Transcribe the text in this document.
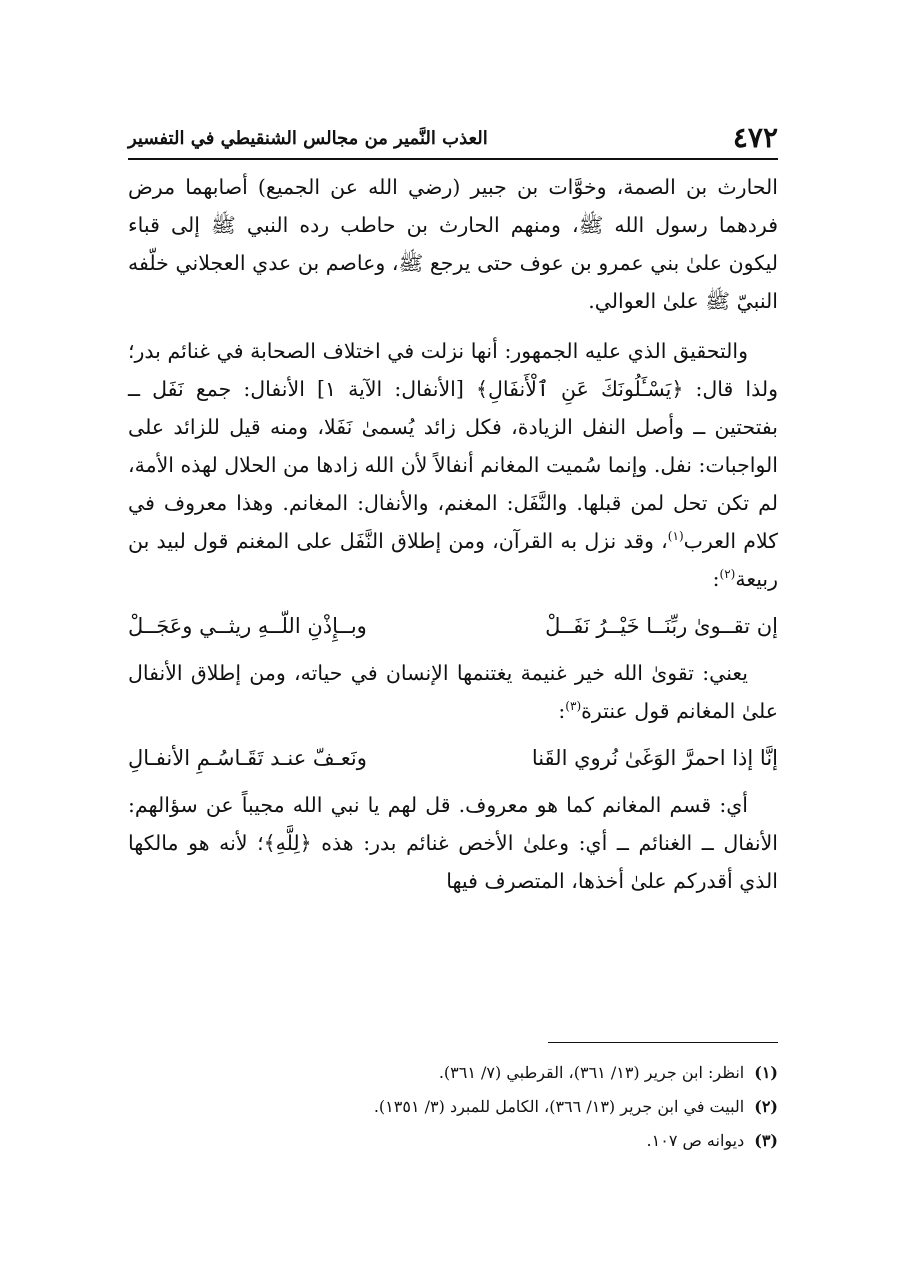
٤٧٢
العذب النَّمير من مجالس الشنقيطي في التفسير

الحارث بن الصمة، وخوَّات بن جبير (رضي الله عن الجميع) أصابهما مرض فردهما رسول الله ﷺ، ومنهم الحارث بن حاطب رده النبي ﷺ إلى قباء ليكون علىٰ بني عمرو بن عوف حتى يرجع ﷺ، وعاصم بن عدي العجلاني خلّفه النبيّ ﷺ علىٰ العوالي.

والتحقيق الذي عليه الجمهور: أنها نزلت في اختلاف الصحابة في غنائم بدر؛ ولذا قال: ﴿يَسْـَٔلُونَكَ عَنِ ٱلْأَنفَالِ﴾ [الأنفال: الآية ١] الأنفال: جمع نَفَل ــ بفتحتين ــ وأصل النفل الزيادة، فكل زائد يُسمىٰ نَفَلا، ومنه قيل للزائد على الواجبات: نفل. وإنما سُميت المغانم أنفالاً لأن الله زادها من الحلال لهذه الأمة، لم تكن تحل لمن قبلها. والنَّفَل: المغنم، والأنفال: المغانم. وهذا معروف في كلام العرب$^{(١)}$، وقد نزل به القرآن، ومن إطلاق النَّفَل على المغنم قول لبيد بن ربيعة$^{(٢)}$:

إن تقــوىٰ ربِّنَــا خَيْــرُ نَفَــلْ
وبــإِذْنِ اللّــهِ ريثــي وعَجَــلْ

يعني: تقوىٰ الله خير غنيمة يغتنمها الإنسان في حياته، ومن إطلاق الأنفال علىٰ المغانم قول عنترة$^{(٣)}$:

إنَّا إذا احمرَّ الوَغَىٰ نُروي القَنا
ونَعـفّ عنـد تَقَـاسُـمِ الأنفـالِ

أي: قسم المغانم كما هو معروف. قل لهم يا نبي الله مجيباً عن سؤالهم: الأنفال ــ الغنائم ــ أي: وعلىٰ الأخص غنائم بدر: هذه ﴿لِلَّهِ﴾؛ لأنه هو مالكها الذي أقدركم علىٰ أخذها، المتصرف فيها

(١)انظر: ابن جرير (١٣/ ٣٦١)، القرطبي (٧/ ٣٦١).
(٢)البيت في ابن جرير (١٣/ ٣٦٦)، الكامل للمبرد (٣/ ١٣٥١).
(٣)ديوانه ص ١٠٧.
